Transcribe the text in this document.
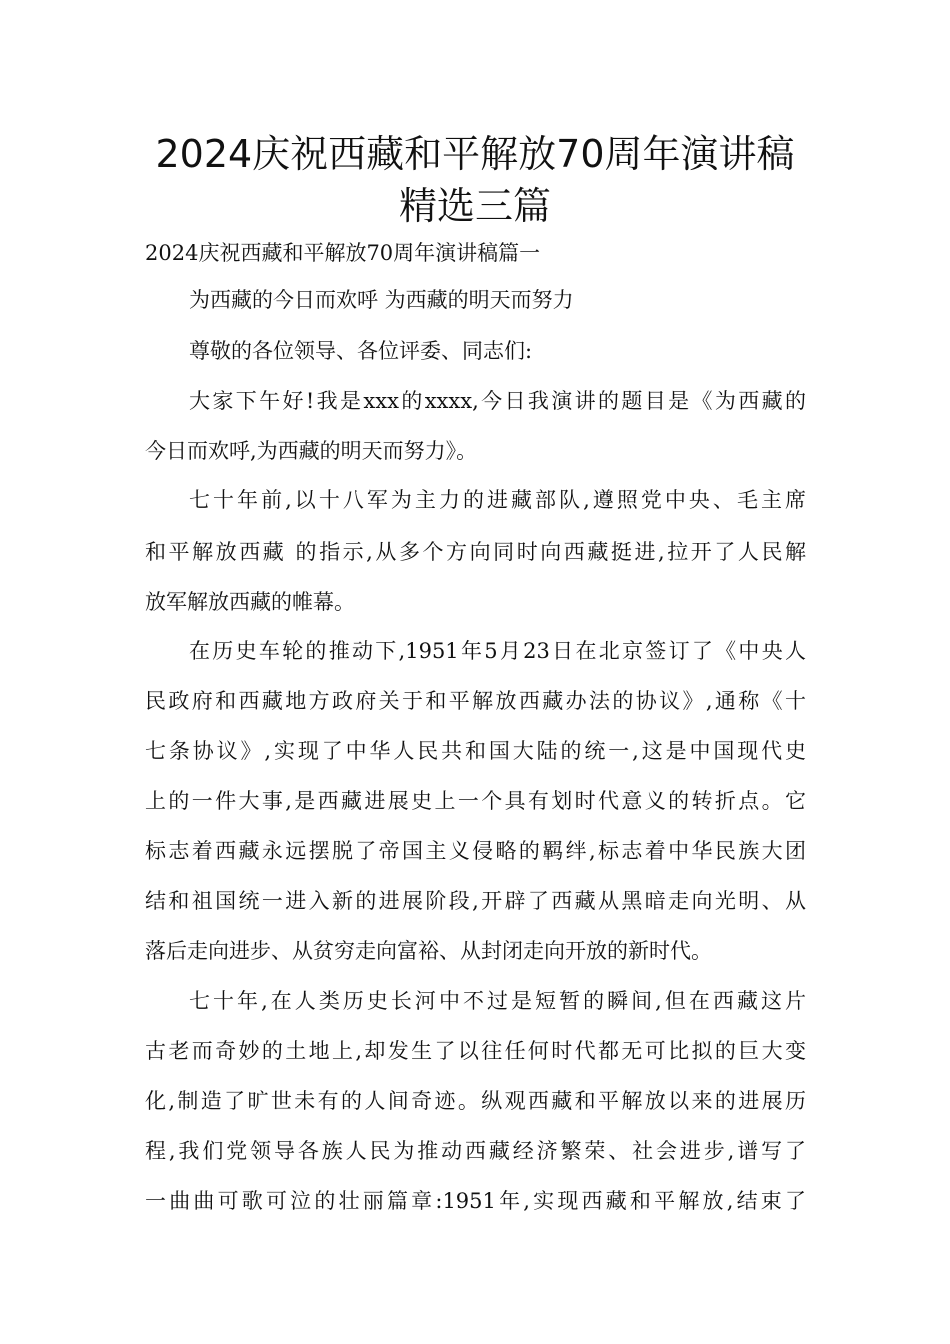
2024庆祝西藏和平解放70周年演讲稿
精选三篇

2024庆祝西藏和平解放70周年演讲稿篇一

为西藏的今日而欢呼 为西藏的明天而努力

尊敬的各位领导、各位评委、同志们:

大家下午好!我是xxx的xxxx,今日我演讲的题目是《为西藏的

今日而欢呼,为西藏的明天而努力》。

七十年前,以十八军为主力的进藏部队,遵照党中央、毛主席

和平解放西藏 的指示,从多个方向同时向西藏挺进,拉开了人民解

放军解放西藏的帷幕。

在历史车轮的推动下,1951年5月23日在北京签订了《中央人

民政府和西藏地方政府关于和平解放西藏办法的协议》,通称《十

七条协议》,实现了中华人民共和国大陆的统一,这是中国现代史

上的一件大事,是西藏进展史上一个具有划时代意义的转折点。它

标志着西藏永远摆脱了帝国主义侵略的羁绊,标志着中华民族大团

结和祖国统一进入新的进展阶段,开辟了西藏从黑暗走向光明、从

落后走向进步、从贫穷走向富裕、从封闭走向开放的新时代。

七十年,在人类历史长河中不过是短暂的瞬间,但在西藏这片

古老而奇妙的土地上,却发生了以往任何时代都无可比拟的巨大变

化,制造了旷世未有的人间奇迹。纵观西藏和平解放以来的进展历

程,我们党领导各族人民为推动西藏经济繁荣、社会进步,谱写了

一曲曲可歌可泣的壮丽篇章:1951年,实现西藏和平解放,结束了
